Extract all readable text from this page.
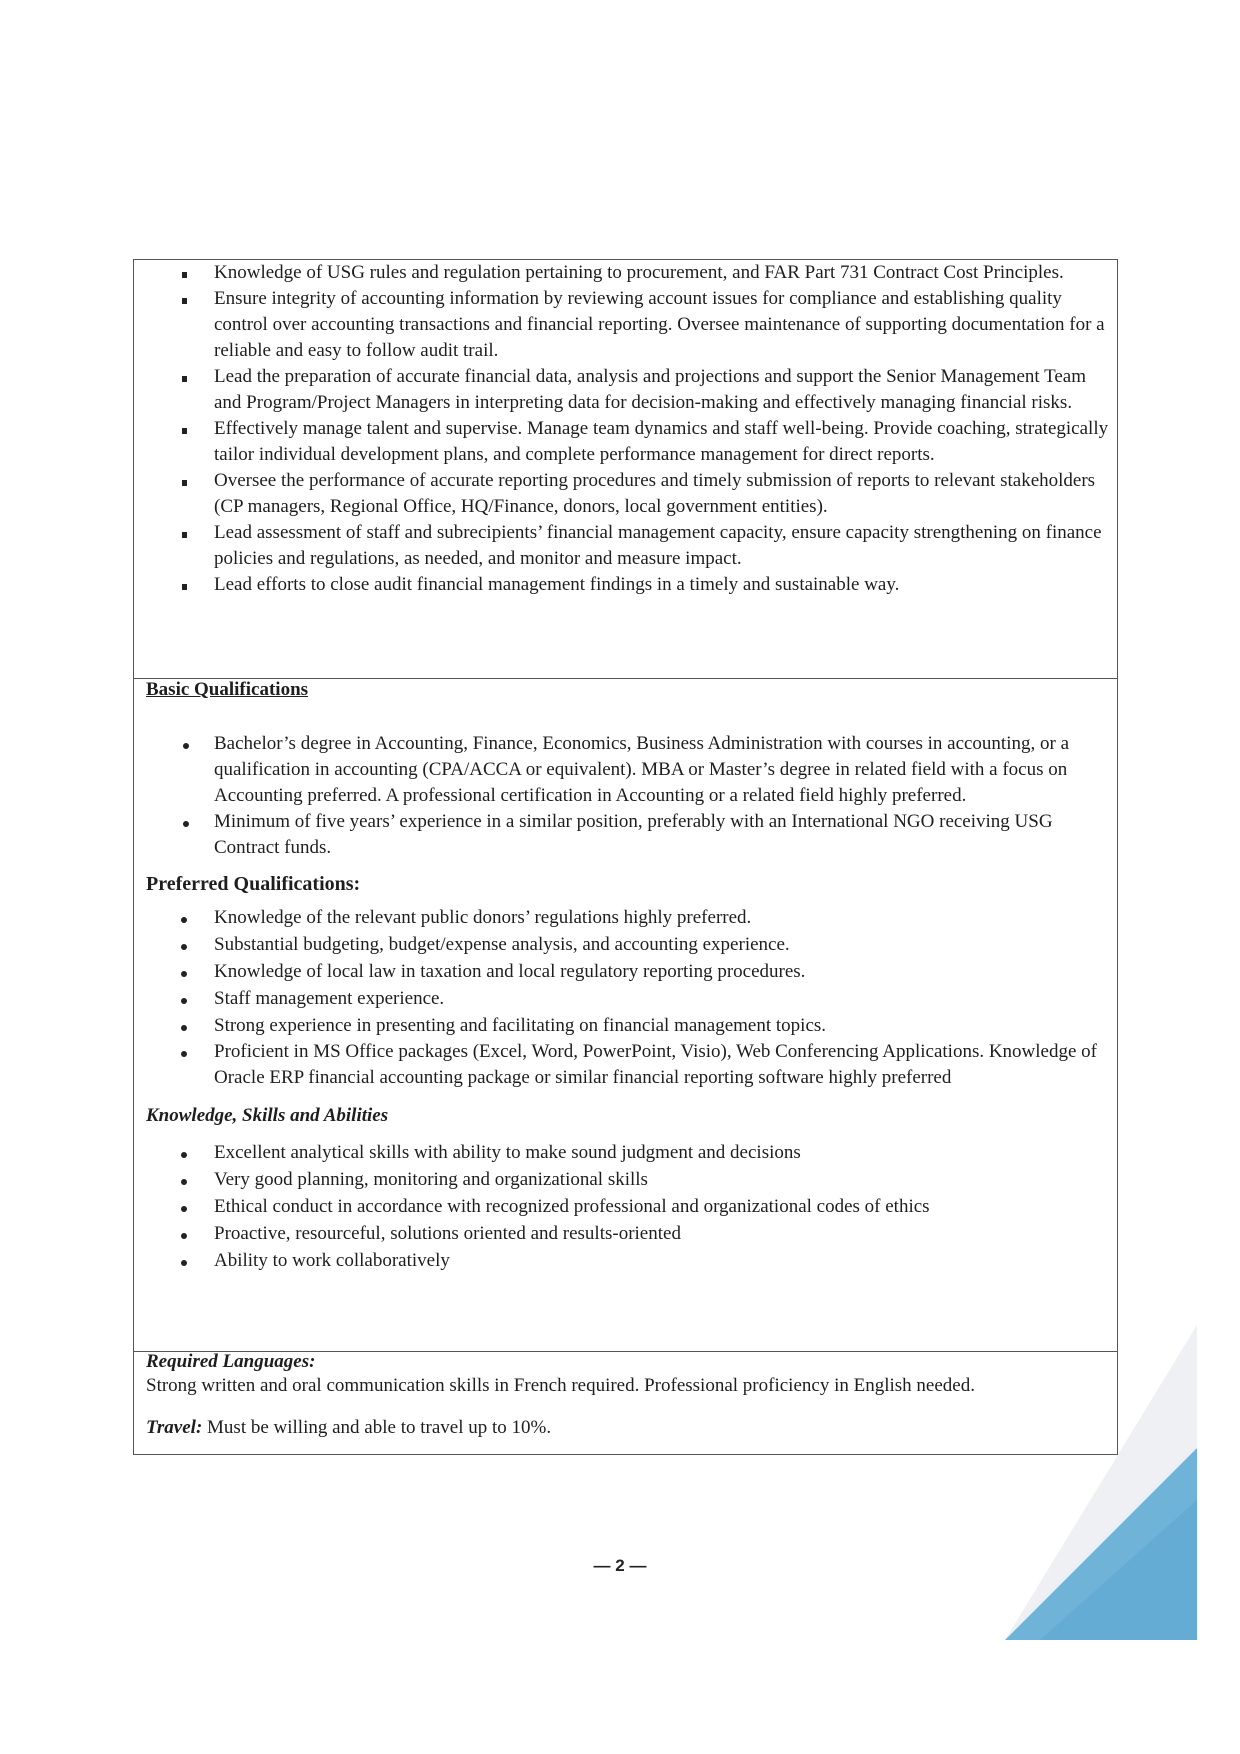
Knowledge of USG rules and regulation pertaining to procurement, and FAR Part 731 Contract Cost Principles.
Ensure integrity of accounting information by reviewing account issues for compliance and establishing quality control over accounting transactions and financial reporting. Oversee maintenance of supporting documentation for a reliable and easy to follow audit trail.
Lead the preparation of accurate financial data, analysis and projections and support the Senior Management Team and Program/Project Managers in interpreting data for decision-making and effectively managing financial risks.
Effectively manage talent and supervise. Manage team dynamics and staff well-being. Provide coaching, strategically tailor individual development plans, and complete performance management for direct reports.
Oversee the performance of accurate reporting procedures and timely submission of reports to relevant stakeholders (CP managers, Regional Office, HQ/Finance, donors, local government entities).
Lead assessment of staff and subrecipients’ financial management capacity, ensure capacity strengthening on finance policies and regulations, as needed, and monitor and measure impact.
Lead efforts to close audit financial management findings in a timely and sustainable way.
Basic Qualifications
Bachelor’s degree in Accounting, Finance, Economics, Business Administration with courses in accounting, or a qualification in accounting (CPA/ACCA or equivalent). MBA or Master’s degree in related field with a focus on Accounting preferred. A professional certification in Accounting or a related field highly preferred.
Minimum of five years’ experience in a similar position, preferably with an International NGO receiving USG Contract funds.
Preferred Qualifications:
Knowledge of the relevant public donors’ regulations highly preferred.
Substantial budgeting, budget/expense analysis, and accounting experience.
Knowledge of local law in taxation and local regulatory reporting procedures.
Staff management experience.
Strong experience in presenting and facilitating on financial management topics.
Proficient in MS Office packages (Excel, Word, PowerPoint, Visio), Web Conferencing Applications. Knowledge of Oracle ERP financial accounting package or similar financial reporting software highly preferred
Knowledge, Skills and Abilities
Excellent analytical skills with ability to make sound judgment and decisions
Very good planning, monitoring and organizational skills
Ethical conduct in accordance with recognized professional and organizational codes of ethics
Proactive, resourceful, solutions oriented and results-oriented
Ability to work collaboratively
Required Languages:
Strong written and oral communication skills in French required. Professional proficiency in English needed.
Travel: Must be willing and able to travel up to 10%.
— 2 —
